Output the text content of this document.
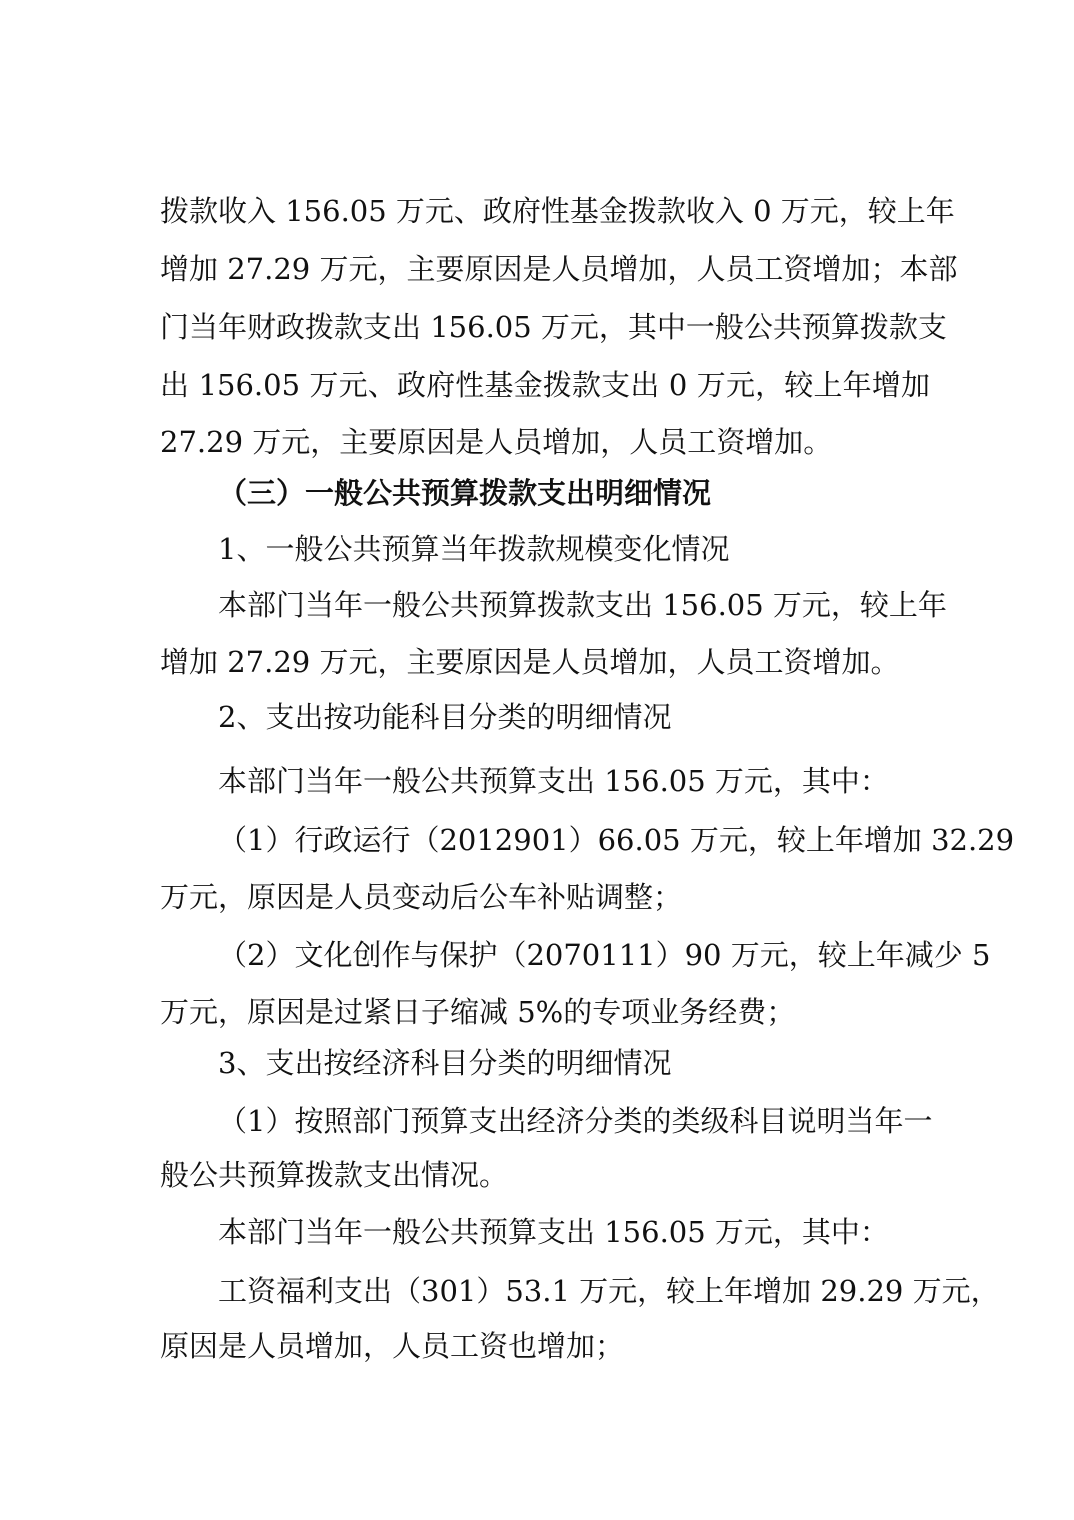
拨款收入 156.05 万元、政府性基金拨款收入 0 万元，较上年
增加 27.29 万元，主要原因是人员增加，人员工资增加；本部
门当年财政拨款支出 156.05 万元，其中一般公共预算拨款支
出 156.05 万元、政府性基金拨款支出 0 万元，较上年增加
27.29 万元，主要原因是人员增加，人员工资增加。
（三）一般公共预算拨款支出明细情况
1、一般公共预算当年拨款规模变化情况
本部门当年一般公共预算拨款支出 156.05 万元，较上年
增加 27.29 万元，主要原因是人员增加，人员工资增加。
2、支出按功能科目分类的明细情况
本部门当年一般公共预算支出 156.05 万元，其中：
（1）行政运行（2012901）66.05 万元，较上年增加 32.29
万元，原因是人员变动后公车补贴调整；
（2）文化创作与保护（2070111）90 万元，较上年减少 5
万元，原因是过紧日子缩减 5%的专项业务经费；
3、支出按经济科目分类的明细情况
（1）按照部门预算支出经济分类的类级科目说明当年一
般公共预算拨款支出情况。
本部门当年一般公共预算支出 156.05 万元，其中：
工资福利支出（301）53.1 万元，较上年增加 29.29 万元，
原因是人员增加，人员工资也增加；
